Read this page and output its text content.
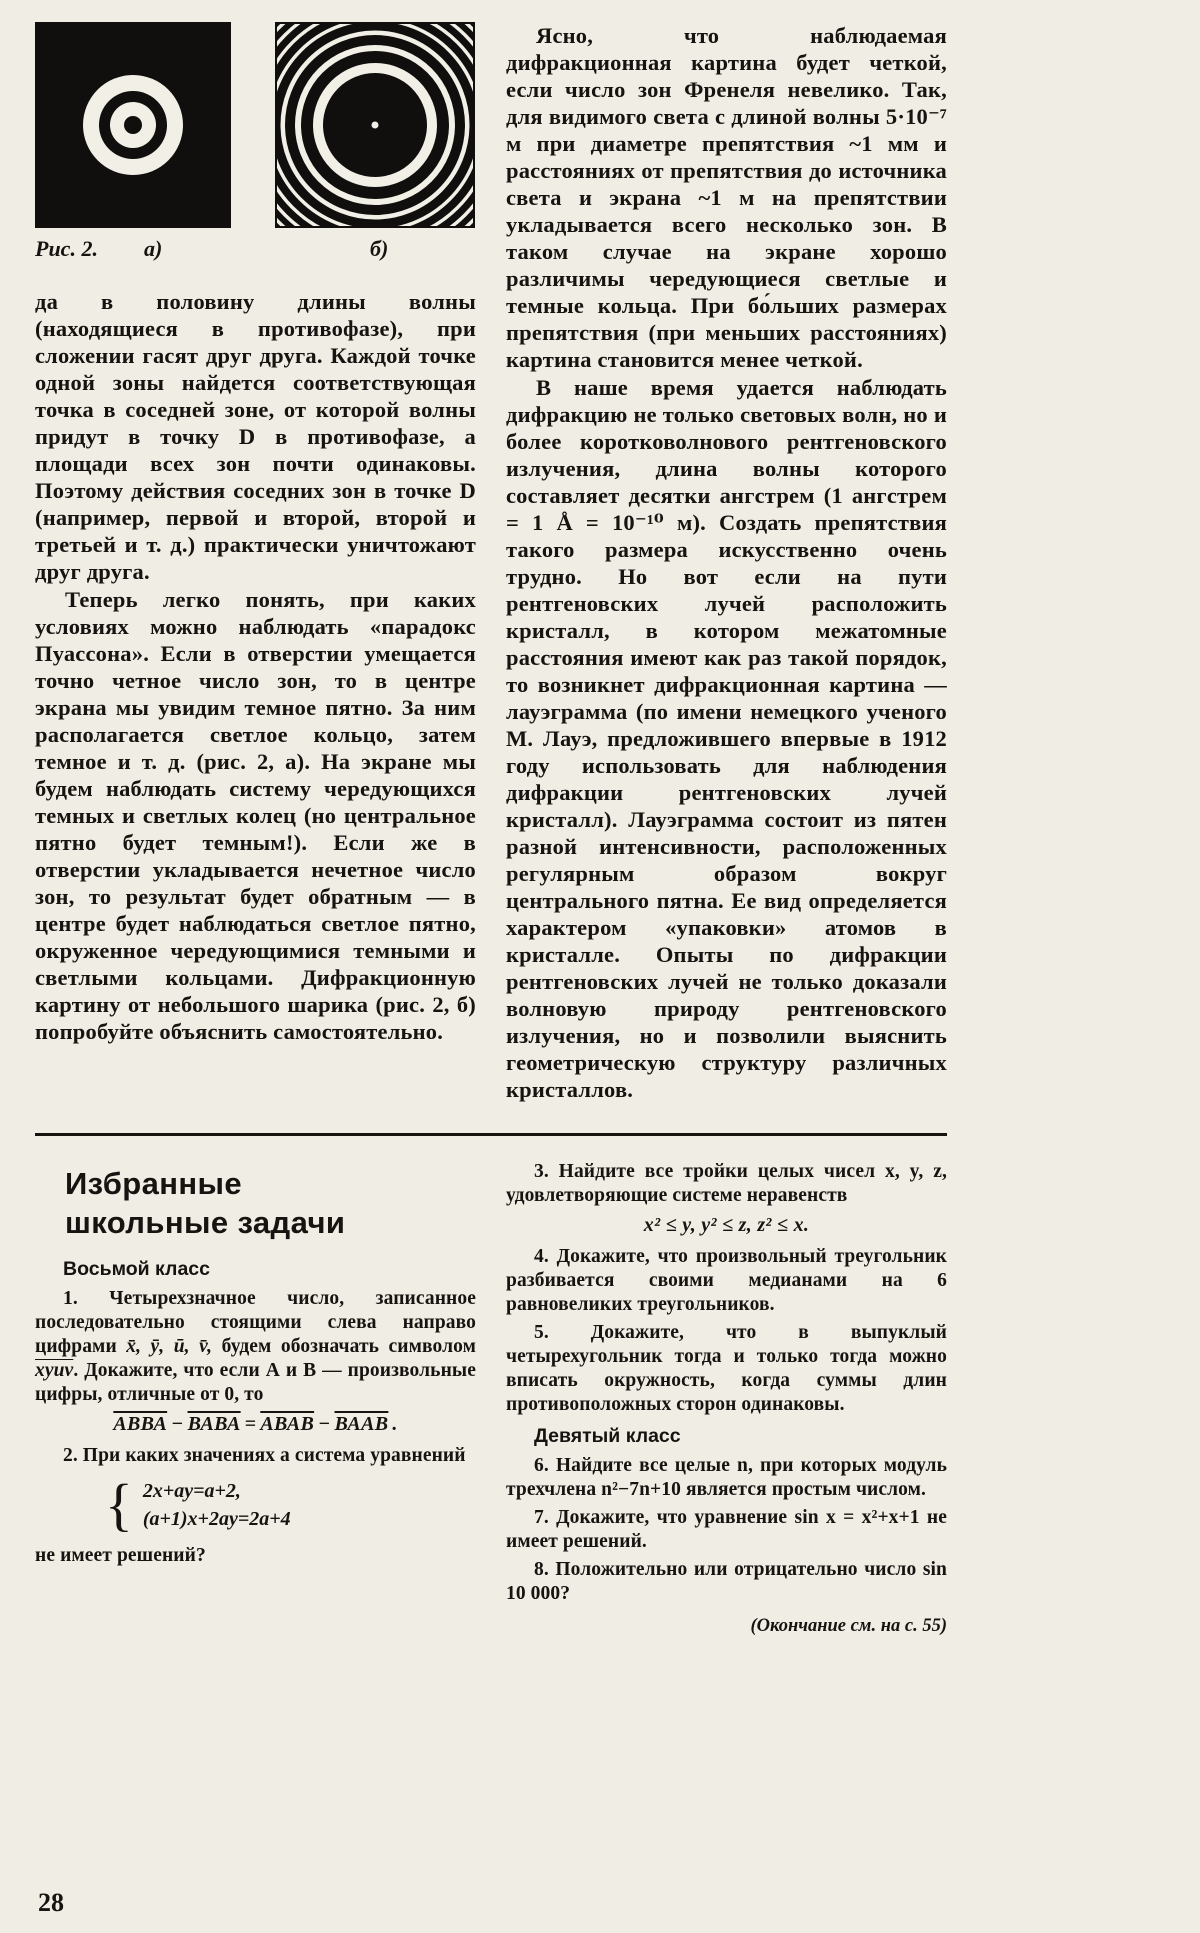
Рис. 2. а)	б)

да в половину длины волны (находящиеся в противофазе), при сложении гасят друг друга. Каждой точке одной зоны найдется соответствующая точка в соседней зоне, от которой волны придут в точку D в противофазе, а площади всех зон почти одинаковы. Поэтому действия соседних зон в точке D (например, первой и второй, второй и третьей и т. д.) практически уничтожают друг друга.

Теперь легко понять, при каких условиях можно наблюдать «парадокс Пуассона». Если в отверстии умещается точно четное число зон, то в центре экрана мы увидим темное пятно. За ним располагается светлое кольцо, затем темное и т. д. (рис. 2, а). На экране мы будем наблюдать систему чередующихся темных и светлых колец (но центральное пятно будет темным!). Если же в отверстии укладывается нечетное число зон, то результат будет обратным — в центре будет наблюдаться светлое пятно, окруженное чередующимися темными и светлыми кольцами. Дифракционную картину от небольшого шарика (рис. 2, б) попробуйте объяснить самостоятельно.

Ясно, что наблюдаемая дифракционная картина будет четкой, если число зон Френеля невелико. Так, для видимого света с длиной волны 5·10⁻⁷ м при диаметре препятствия ~1 мм и расстояниях от препятствия до источника света и экрана ~1 м на препятствии укладывается всего несколько зон. В таком случае на экране хорошо различимы чередующиеся светлые и темные кольца. При бо́льших размерах препятствия (при меньших расстояниях) картина становится менее четкой.

В наше время удается наблюдать дифракцию не только световых волн, но и более коротковолнового рентгеновского излучения, длина волны которого составляет десятки ангстрем (1 ангстрем = 1 Å = 10⁻¹⁰ м). Создать препятствия такого размера искусственно очень трудно. Но вот если на пути рентгеновских лучей расположить кристалл, в котором межатомные расстояния имеют как раз такой порядок, то возникнет дифракционная картина — лауэграмма (по имени немецкого ученого М. Лауэ, предложившего впервые в 1912 году использовать для наблюдения дифракции рентгеновских лучей кристалл). Лауэграмма состоит из пятен разной интенсивности, расположенных регулярным образом вокруг центрального пятна. Ее вид определяется характером «упаковки» атомов в кристалле. Опыты по дифракции рентгеновских лучей не только доказали волновую природу рентгеновского излучения, но и позволили выяснить геометрическую структуру различных кристаллов.

Избранные
школьные задачи
Восьмой класс

1. Четырехзначное число, записанное последовательно стоящими слева направо цифрами x̄, ȳ, ū, v̄, будем обозначать символом xyuv. Докажите, что если А и В — произвольные цифры, отличные от 0, то

АВВА − ВАВА = АВАВ − ВААВ .

2. При каких значениях a система уравнений

{ 2x+ay=a+2,
(a+1)x+2ay=2a+4

не имеет решений?

3. Найдите все тройки целых чисел x, y, z, удовлетворяющие системе неравенств

x² ≤ y, y² ≤ z, z² ≤ x.

4. Докажите, что произвольный треугольник разбивается своими медианами на 6 равновеликих треугольников.

5. Докажите, что в выпуклый четырехугольник тогда и только тогда можно вписать окружность, когда суммы длин противоположных сторон одинаковы.

Девятый класс

6. Найдите все целые n, при которых модуль трехчлена n²−7n+10 является простым числом.

7. Докажите, что уравнение sin x = x²+x+1 не имеет решений.

8. Положительно или отрицательно число sin 10 000?

(Окончание см. на с. 55)
28
